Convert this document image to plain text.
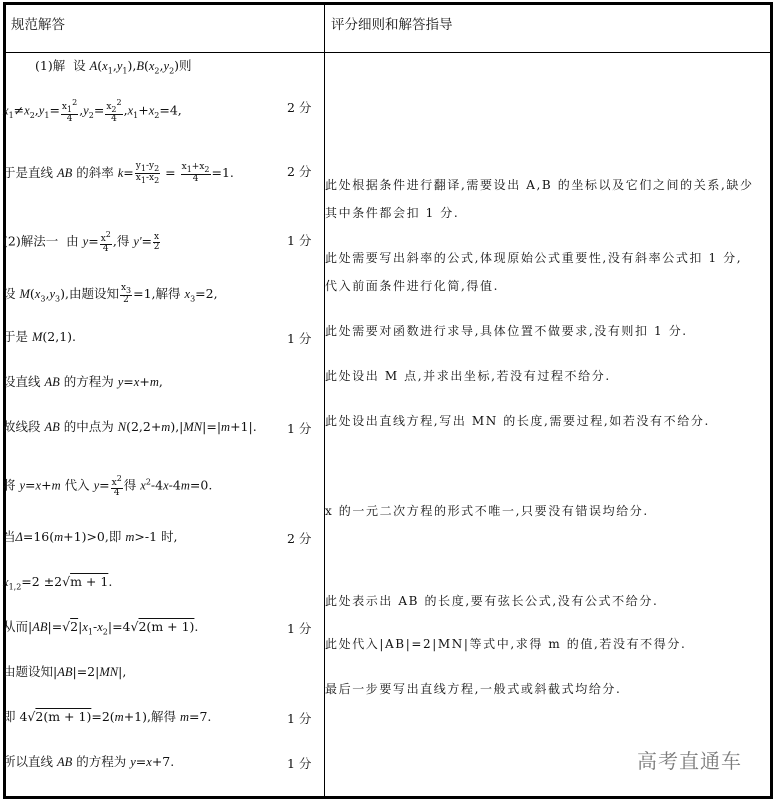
规范解答	评分细则和解答指导
(1)解  设 $A(x_1,y_1),B(x_2,y_2)$则
$x_1\ne x_2,y_1= \frac{x_1^2}{4} ,y_2= \frac{x_2^2}{4} ,x_1+x_2=4$,
于是直线 AB 的斜率 $k= \frac{y_1-y_2}{x_1-x_2} = \frac{x_1+x_2}{4} =1$.
(2)解法一  由 $y= \frac{x^2}{4}$ ,得 $y'= \frac{x}{2}$
设 $M(x_3,y_3)$,由题设知 $\frac{x_3}{2} =1$,解得 $x_3=2$,
于是 M(2,1).
设直线 AB 的方程为 y=x+m,
故线段 AB 的中点为 N(2,2+m),|MN|=|m+1|.
将 y=x+m 代入 $y= \frac{x^2}{4}$ 得 $x^2-4x-4m=0$.
当Δ=16(m+1)>0,即 m>-1 时,
$x_{1,2}=2 \pm 2√m + 1$.
从而$|AB|=√2|x_1-x_2|=4√2(m + 1)$.
由题设知|AB|=2|MN|,
即 4√2(m + 1)=2(m+1),解得 m=7.
所以直线 AB 的方程为 y=x+7.
2 分
2 分
1 分
1 分
1 分
2 分
1 分
1 分
1 分
此处根据条件进行翻译,需要设出 A,B 的坐标以及它们之间的关系,缺少
其中条件都会扣 1 分.
此处需要写出斜率的公式,体现原始公式重要性,没有斜率公式扣 1 分,
代入前面条件进行化简,得值.
此处需要对函数进行求导,具体位置不做要求,没有则扣 1 分.
此处设出 M 点,并求出坐标,若没有过程不给分.
此处设出直线方程,写出 MN 的长度,需要过程,如若没有不给分.
x 的一元二次方程的形式不唯一,只要没有错误均给分.
此处表示出 AB 的长度,要有弦长公式,没有公式不给分.
此处代入|AB|=2|MN|等式中,求得 m 的值,若没有不得分.
最后一步要写出直线方程,一般式或斜截式均给分.
高考直通车
